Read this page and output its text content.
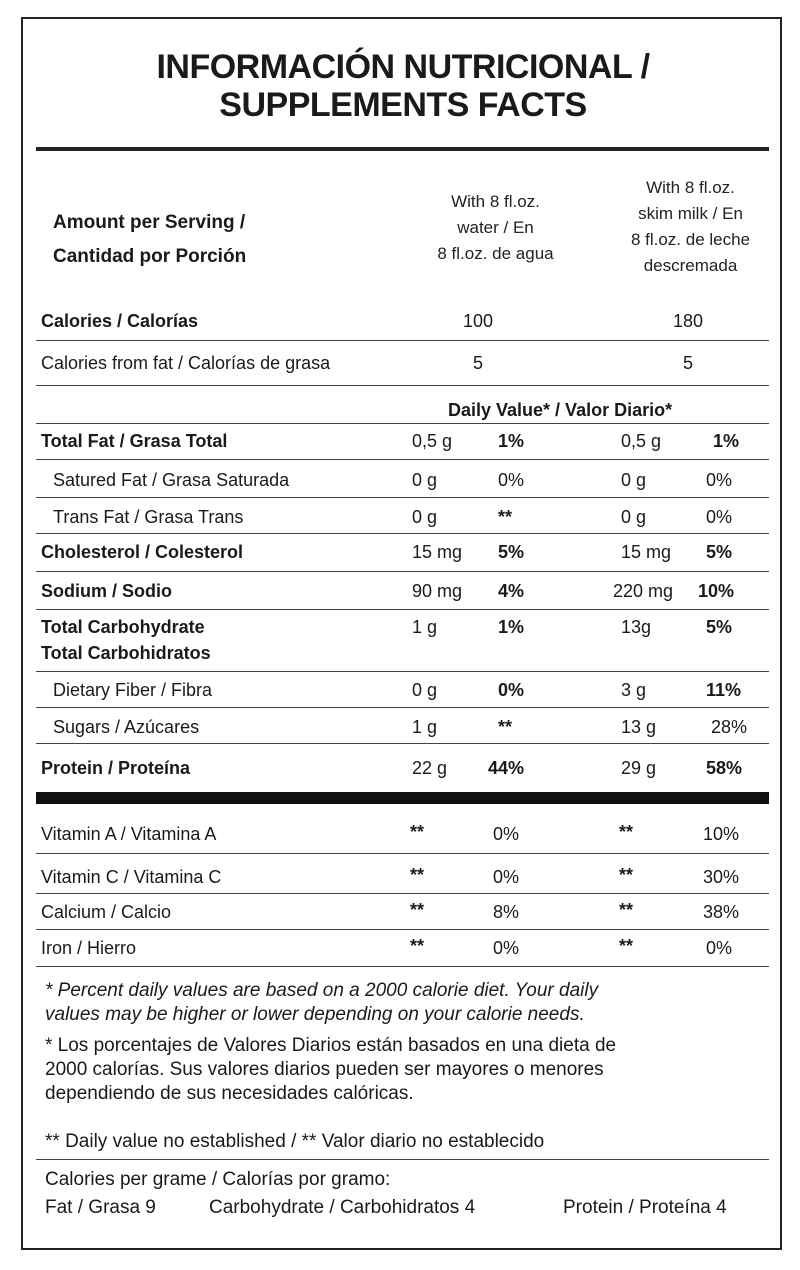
INFORMACIÓN NUTRICIONAL /
SUPPLEMENTS FACTS
Amount per Serving /
Cantidad por Porción
With 8 fl.oz.
water / En
8 fl.oz. de agua
With 8 fl.oz.
skim milk / En
8 fl.oz. de leche
descremada
Calories / Calorías	100	180
Calories from fat / Calorías de grasa	5	5
Daily Value* / Valor Diario*
Total Fat / Grasa Total	0,5 g	1%	0,5 g	1%
Satured Fat / Grasa Saturada	0 g	0%	0 g	0%
Trans Fat / Grasa Trans	0 g	**	0 g	0%
Cholesterol / Colesterol	15 mg 5%	15 mg 5%
Sodium / Sodio	90 mg 4%	220 mg 10%
Total Carbohydrate
Total Carbohidratos
1 g	1%	13g	5%
Dietary Fiber / Fibra	0 g	0%	3 g	11%
Sugars / Azúcares	1 g	**	13 g	28%
Protein / Proteína	22 g 44%	29 g	58%
Vitamin A / Vitamina A	**	0%	**	10%
Vitamin C / Vitamina C	**	0%	**	30%
Calcium / Calcio	**	8%	**	38%
Iron / Hierro	**	0%	**	0%
* Percent daily values are based on a 2000 calorie diet. Your daily
values may be higher or lower depending on your calorie needs.
* Los porcentajes de Valores Diarios están basados en una dieta de
2000 calorías. Sus valores diarios pueden ser mayores o menores
dependiendo de sus necesidades calóricas.
** Daily value no established / ** Valor diario no establecido
Calories per grame / Calorías por gramo:
Fat / Grasa 9	Carbohydrate / Carbohidratos 4	Protein / Proteína 4
